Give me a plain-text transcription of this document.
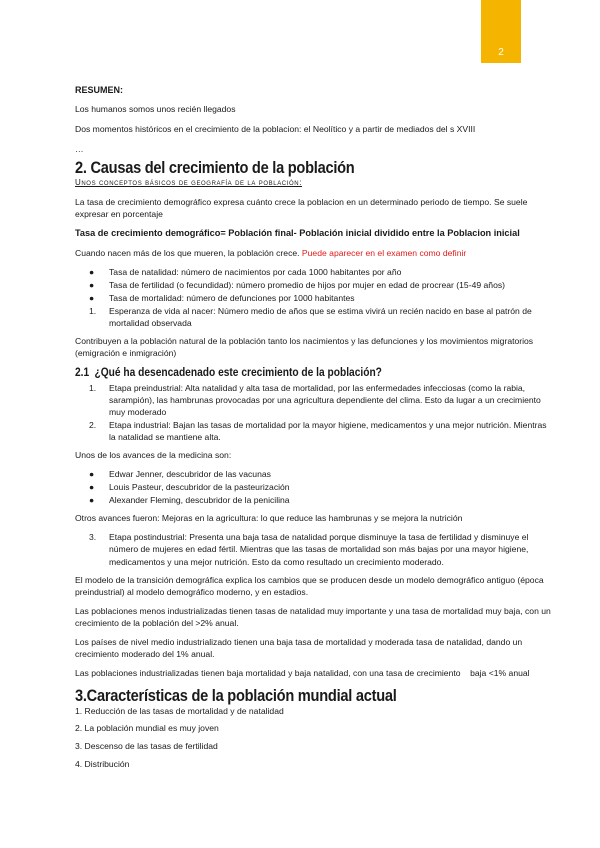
2

RESUMEN:

Los humanos somos unos recién llegados

Dos momentos históricos en el crecimiento de la poblacion: el Neolítico y a partir de mediados del s XVIII

…

2. Causas del crecimiento de la población

Unos conceptos básicos de geografía de la población:

La tasa de crecimiento demográfico expresa cuánto crece la poblacion en un determinado periodo de tiempo. Se suele expresar en porcentaje

Tasa de crecimiento demográfico= Población final- Población inicial dividido entre la Poblacion inicial

Cuando nacen más de los que mueren, la población crece. Puede aparecer en el examen como definir

● Tasa de natalidad: número de nacimientos por cada 1000 habitantes por año
● Tasa de fertilidad (o fecundidad): número promedio de hijos por mujer en edad de procrear (15-49 años)
● Tasa de mortalidad: número de defunciones por 1000 habitantes
1. Esperanza de vida al nacer: Número medio de años que se estima vivirá un recién nacido en base al patrón de mortalidad observada

Contribuyen a la población natural de la población tanto los nacimientos y las defunciones y los movimientos migratorios (emigración e inmigración)

2.1 ¿Qué ha desencadenado este crecimiento de la población?
1. Etapa preindustrial: Alta natalidad y alta tasa de mortalidad, por las enfermedades infecciosas (como la rabia, sarampión), las hambrunas provocadas por una agricultura dependiente del clima. Esto da lugar a un crecimiento muy moderado
2. Etapa industrial: Bajan las tasas de mortalidad por la mayor higiene, medicamentos y una mejor nutrición. Mientras la natalidad se mantiene alta.

Unos de los avances de la medicina son:

● Edwar Jenner, descubridor de las vacunas
● Louis Pasteur, descubridor de la pasteurización
● Alexander Fleming, descubridor de la penicilina

Otros avances fueron: Mejoras en la agricultura: lo que reduce las hambrunas y se mejora la nutrición

3. Etapa postindustrial: Presenta una baja tasa de natalidad porque disminuye la tasa de fertilidad y disminuye el número de mujeres en edad fértil. Mientras que las tasas de mortalidad son más bajas por una mayor higiene, medicamentos y una mejor nutrición. Esto da como resultado un crecimiento moderado.

El modelo de la transición demográfica explica los cambios que se producen desde un modelo demográfico antiguo (época preindustrial) al modelo demográfico moderno, y en estadios.

Las poblaciones menos industrializadas tienen tasas de natalidad muy importante y una tasa de mortalidad muy baja, con un crecimiento de la población del >2% anual.

Los países de nivel medio industrializado tienen una baja tasa de mortalidad y moderada tasa de natalidad, dando un crecimiento moderado del 1% anual.

Las poblaciones industrializadas tienen baja mortalidad y baja natalidad, con una tasa de crecimiento    baja <1% anual

3.Características de la población mundial actual

1. Reducción de las tasas de mortalidad y de natalidad

2. La población mundial es muy joven

3. Descenso de las tasas de fertilidad

4. Distribución
